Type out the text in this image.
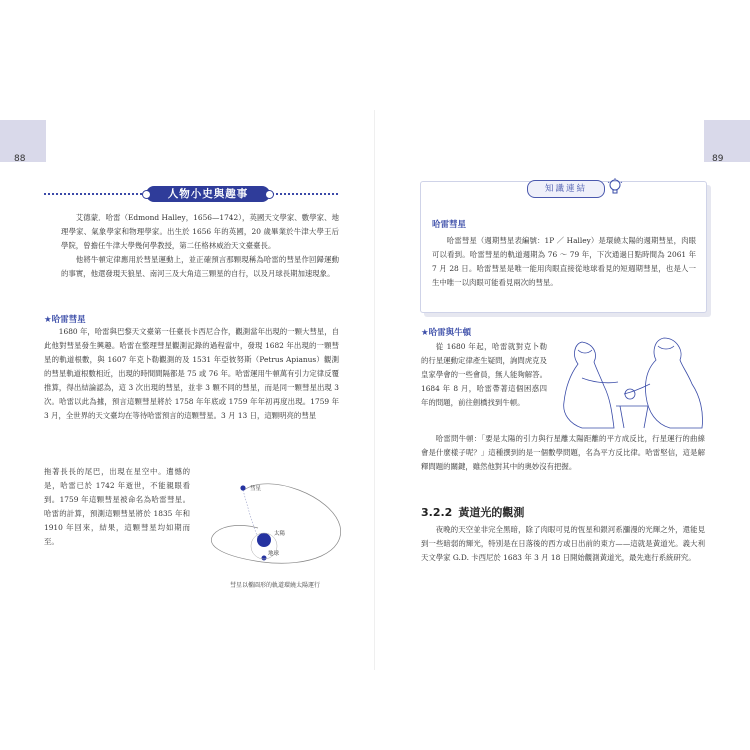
88	89
人物小史與趣事

艾德蒙．哈雷（Edmond Halley，1656—1742），英國天文學家、數學家、地理學家、氣象學家和物理學家。出生於 1656 年的英國，20 歲畢業於牛津大學王后學院，曾擔任牛津大學幾何學教授，第二任格林威治天文臺臺長。

他將牛頓定律應用於彗星運動上，並正確預言那顆現稱為哈雷的彗星作回歸運動的事實，他還發現天狼星、南河三及大角這三顆星的自行，以及月球長期加速現象。

★哈雷彗星

1680 年，哈雷與巴黎天文臺第一任臺長卡西尼合作，觀測當年出現的一顆大彗星，自此他對彗星發生興趣。哈雷在整理彗星觀測記錄的過程當中，發現 1682 年出現的一顆彗星的軌道根數，與 1607 年克卜勒觀測的及 1531 年亞彼努斯（Petrus Apianus）觀測的彗星軌道根數相近，出現的時間間隔都是 75 或 76 年。哈雷運用牛頓萬有引力定律反覆推算，得出結論認為，這 3 次出現的彗星，並非 3 顆不同的彗星，而是同一顆彗星出現 3 次。哈雷以此為據，預言這顆彗星將於 1758 年年底或 1759 年年初再度出現。1759 年 3 月，全世界的天文臺均在等待哈雷預言的這顆彗星。3 月 13 日，這顆明亮的彗星

拖著長長的尾巴，出現在星空中。遺憾的是，哈雷已於 1742 年逝世，不能親眼看到。1759 年這顆彗星被命名為哈雷彗星。哈雷的計算，預測這顆彗星將於 1835 年和 1910 年回來，結果，這顆彗星均如期而至。

彗星
太陽
地球
彗星以橢圓形的軌道環繞太陽運行
知識連結
哈雷彗星

哈雷彗星（週期彗星表編號：1P ／ Halley）是環繞太陽的週期彗星，肉眼可以看到。哈雷彗星的軌道週期為 76 ～ 79 年，下次通過日點時間為 2061 年 7 月 28 日。哈雷彗星是唯一能用肉眼直接從地球看見的短週期彗星，也是人一生中唯一以肉眼可能看見兩次的彗星。

★哈雷與牛頓

從 1680 年起，哈雷就對克卜勒的行星運動定律產生疑問，詢問虎克及皇家學會的一些會員，無人能夠解答。1684 年 8 月，哈雷帶著這個困惑四年的問題，前往劍橋找到牛頓。

哈雷問牛頓：「要是太陽的引力與行星離太陽距離的平方成反比，行星運行的曲線會是什麼樣子呢？」這種撰到的是一個數學問題，名為平方反比律。哈雷堅信，這是解釋問題的關鍵，雖然他對其中的奧妙沒有把握。

3.2.2 黃道光的觀測

夜晚的天空並非完全黑暗，除了肉眼可見的恆星和銀河系瀰漫的光輝之外，還能見到一些暗弱的輝光，特別是在日落後的西方或日出前的東方——這就是黃道光。義大利天文學家 G.D. 卡西尼於 1683 年 3 月 18 日開始觀測黃道光，最先進行系統研究。
